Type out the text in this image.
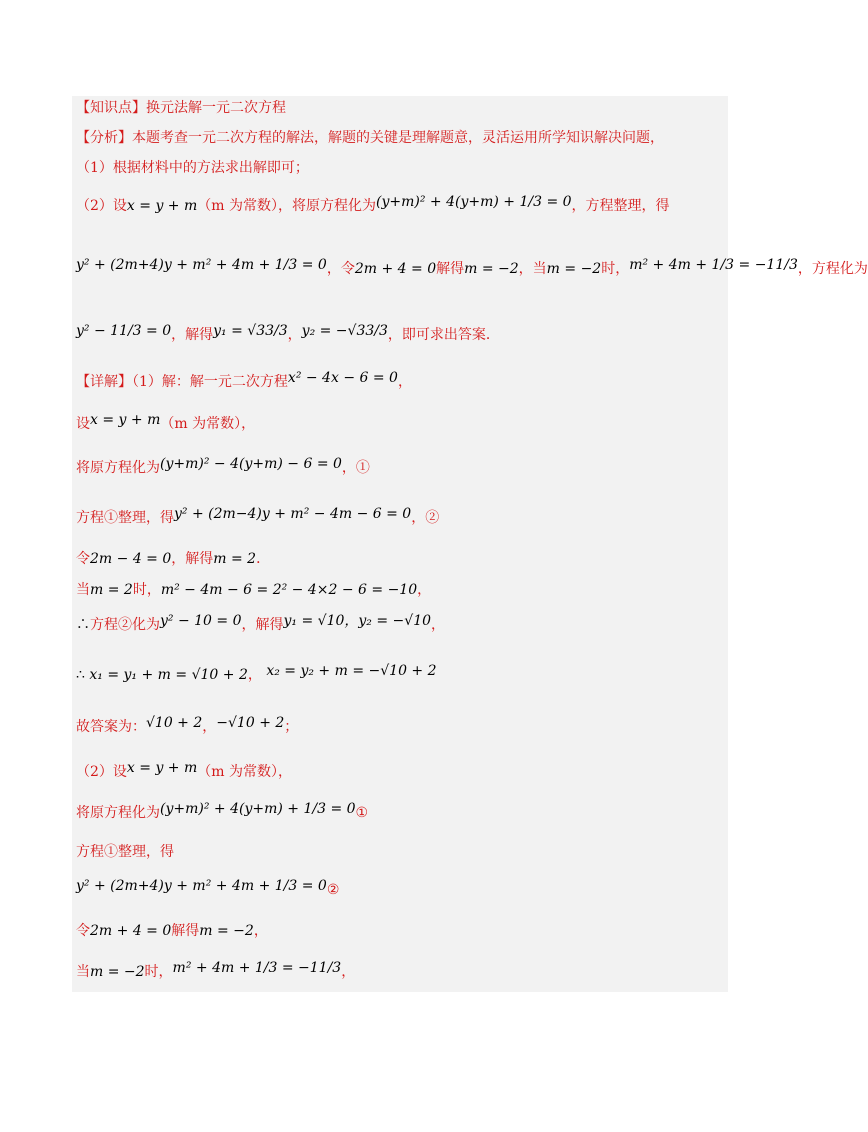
【知识点】换元法解一元二次方程
【分析】本题考查一元二次方程的解法，解题的关键是理解题意，灵活运用所学知识解决问题，
（1）根据材料中的方法求出解即可；
（2）设x = y + m（m 为常数），将原方程化为(y+m)² + 4(y+m) + 1/3 = 0，方程整理，得
y² + (2m+4)y + m² + 4m + 1/3 = 0，令2m + 4 = 0解得m = −2，当m = −2时，m² + 4m + 1/3 = −11/3，方程化为
y² − 11/3 = 0，解得y₁ = √33/3，y₂ = −√33/3，即可求出答案．
【详解】（1）解：解一元二次方程x² − 4x − 6 = 0，
设x = y + m（m 为常数），
将原方程化为(y+m)² − 4(y+m) − 6 = 0，①
方程①整理，得y² + (2m−4)y + m² − 4m − 6 = 0，②
令2m − 4 = 0，解得m = 2．
当m = 2时，m² − 4m − 6 = 2² − 4×2 − 6 = −10，
∴方程②化为y² − 10 = 0，解得y₁ = √10，y₂ = −√10，
∴ x₁ = y₁ + m = √10 + 2， x₂ = y₂ + m = −√10 + 2
故答案为：√10 + 2，−√10 + 2；
（2）设x = y + m（m 为常数），
将原方程化为(y+m)² + 4(y+m) + 1/3 = 0①
方程①整理，得
y² + (2m+4)y + m² + 4m + 1/3 = 0②
令2m + 4 = 0解得m = −2，
当m = −2时，m² + 4m + 1/3 = −11/3，
